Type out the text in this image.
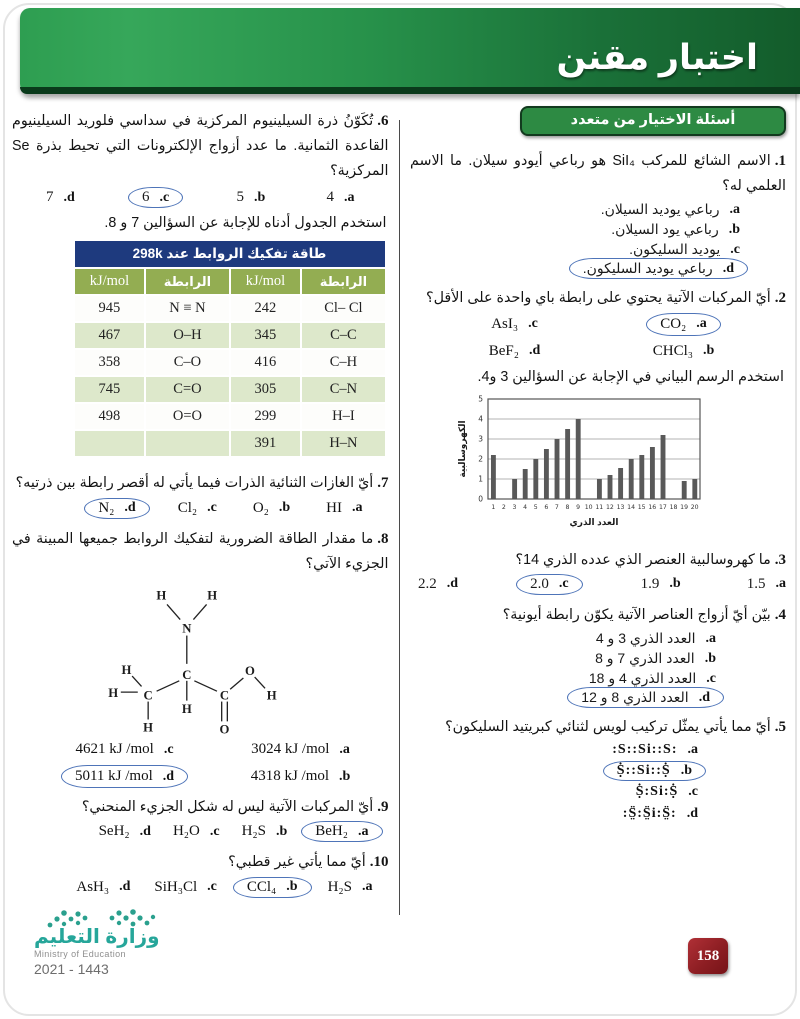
اختبار مقنن
أسئلة الاختيار من متعدد
1.الاسم الشائع للمركب SiI₄ هو رباعي أيودو سيلان. ما الاسم العلمي له؟
.a
رباعي يوديد السيلان.
.b
رباعي يود السيلان.
.c
يوديد السليكون.
.d
رباعي يوديد السليكون.
2.أيّ المركبات الآتية يحتوي على رابطة باي واحدة على الأقل؟
.a
CO₂
.c
AsI₃
.b
CHCl₃
.d
BeF₂
استخدم الرسم البياني في الإجابة عن السؤالين 3 و4.
0
1
2
3
4
5
1 2 3 4 5 6 7 8 9 10 11 12 13 14 15 16 17 18 19 20
الكهروسالبية
العدد الذري
3.ما كهروسالبية العنصر الذي عدده الذري 14؟
.a
1.5
.b
1.9
.c
2.0
.d
2.2
4.بيّن أيّ أزواج العناصر الآتية يكوّن رابطة أيونية؟
.a
العدد الذري 3 و 4
.b
العدد الذري 7 و 8
.c
العدد الذري 4 و 18
.d
العدد الذري 8 و 12
5.أيّ مما يأتي يمثّل تركيب لويس لثنائي كبريتيد السليكون؟
.a
:S::Si::S:
.b
Ṩ::Si::Ṩ
.c
Ṩ:Si:Ṩ
.d
:S̤̈:S̤̈i:S̤̈:
6.تُكَوّنُ ذرة السيلينيوم المركزية في سداسي فلوريد السيلينيوم القاعدة الثمانية. ما عدد أزواج الإلكترونات التي تحيط بذرة Se المركزية؟
.a
4
.b
5
.c
6
.d
7
استخدم الجدول أدناه للإجابة عن السؤالين 7 و 8.
طاقة تفكيك الروابط عند 298k			
الرابطة	kJ/mol	الرابطة	kJ/mol
Cl– Cl	242	N ≡ N	945
C–C	345	O–H	467
C–H	416	C–O	358
C–N	305	C=O	745
H–I	299	O=O	498
H–N	391		
7.أيّ الغازات الثنائية الذرات فيما يأتي له أقصر رابطة بين ذرتيه؟
.a
HI
.b
O₂
.c
Cl₂
.d
N₂
8.ما مقدار الطاقة الضرورية لتفكيك الروابط جميعها المبينة في الجزيء الآتي؟
H	H
N
C
H
C
H
H
H
C
O
O
H
.a
3024 kJ /mol
.c
4621 kJ /mol
.b
4318 kJ /mol
.d
5011 kJ /mol
9.أيّ المركبات الآتية ليس له شكل الجزيء المنحني؟
.a
BeH₂
.b
H₂S
.c
H₂O
.d
SeH₂
10.أيّ مما يأتي غير قطبي؟
.a
H₂S
.b
CCl₄
.c
SiH₃Cl
.d
AsH₃
وزارة التعليم
Ministry of Education
2021 - 1443
158
